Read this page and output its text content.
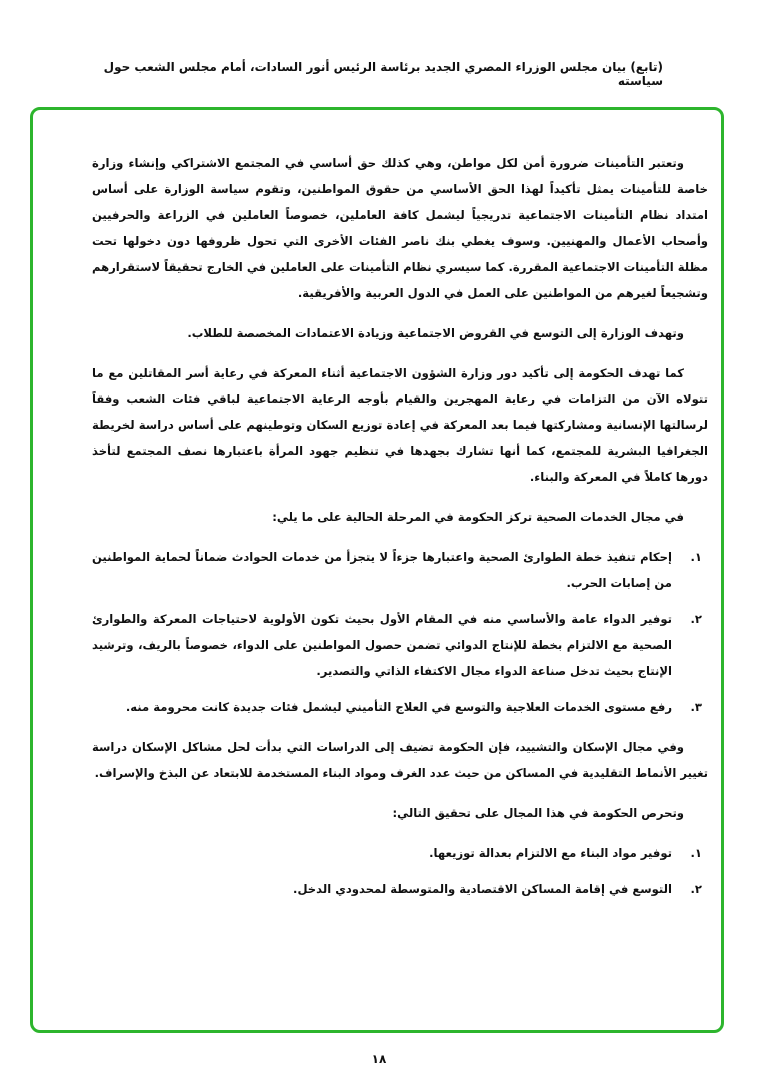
(تابع) بيان مجلس الوزراء المصري الجديد برئاسة الرئيس أنور السادات، أمام مجلس الشعب حول سياسته

وتعتبر التأمينات ضرورة أمن لكل مواطن، وهي كذلك حق أساسي في المجتمع الاشتراكي وإنشاء وزارة خاصة للتأمينات يمثل تأكيداً لهذا الحق الأساسي من حقوق المواطنين، وتقوم سياسة الوزارة على أساس امتداد نظام التأمينات الاجتماعية تدريجياً ليشمل كافة العاملين، خصوصاً العاملين في الزراعة والحرفيين وأصحاب الأعمال والمهنيين. وسوف يغطي بنك ناصر الفئات الأخرى التي تحول ظروفها دون دخولها تحت مظلة التأمينات الاجتماعية المقررة. كما سيسري نظام التأمينات على العاملين في الخارج تحقيقاً لاستقرارهم وتشجيعاً لغيرهم من المواطنين على العمل في الدول العربية والأفريقية.

وتهدف الوزارة إلى التوسع في القروض الاجتماعية وزيادة الاعتمادات المخصصة للطلاب.

كما تهدف الحكومة إلى تأكيد دور وزارة الشؤون الاجتماعية أثناء المعركة في رعاية أسر المقاتلين مع ما تتولاه الآن من التزامات في رعاية المهجرين والقيام بأوجه الرعاية الاجتماعية لباقي فئات الشعب وفقاً لرسالتها الإنسانية ومشاركتها فيما بعد المعركة في إعادة توزيع السكان وتوطينهم على أساس دراسة لخريطة الجغرافيا البشرية للمجتمع، كما أنها تشارك بجهدها في تنظيم جهود المرأة باعتبارها نصف المجتمع لتأخذ دورها كاملاً في المعركة والبناء.

في مجال الخدمات الصحية تركز الحكومة في المرحلة الحالية على ما يلي:

١.
إحكام تنفيذ خطة الطوارئ الصحية واعتبارها جزءاً لا يتجزأ من خدمات الحوادث ضماناً لحماية المواطنين من إصابات الحرب.
٢.
توفير الدواء عامة والأساسي منه في المقام الأول بحيث تكون الأولوية لاحتياجات المعركة والطوارئ الصحية مع الالتزام بخطة للإنتاج الدوائي تضمن حصول المواطنين على الدواء، خصوصاً بالريف، وترشيد الإنتاج بحيث تدخل صناعة الدواء مجال الاكتفاء الذاتي والتصدير.
٣.
رفع مستوى الخدمات العلاجية والتوسع في العلاج التأميني ليشمل فئات جديدة كانت محرومة منه.

وفي مجال الإسكان والتشييد، فإن الحكومة تضيف إلى الدراسات التي بدأت لحل مشاكل الإسكان دراسة تغيير الأنماط التقليدية في المساكن من حيث عدد الغرف ومواد البناء المستخدمة للابتعاد عن البذخ والإسراف.

وتحرص الحكومة في هذا المجال على تحقيق التالي:

١.
توفير مواد البناء مع الالتزام بعدالة توزيعها.
٢.
التوسع في إقامة المساكن الاقتصادية والمتوسطة لمحدودي الدخل.
١٨
